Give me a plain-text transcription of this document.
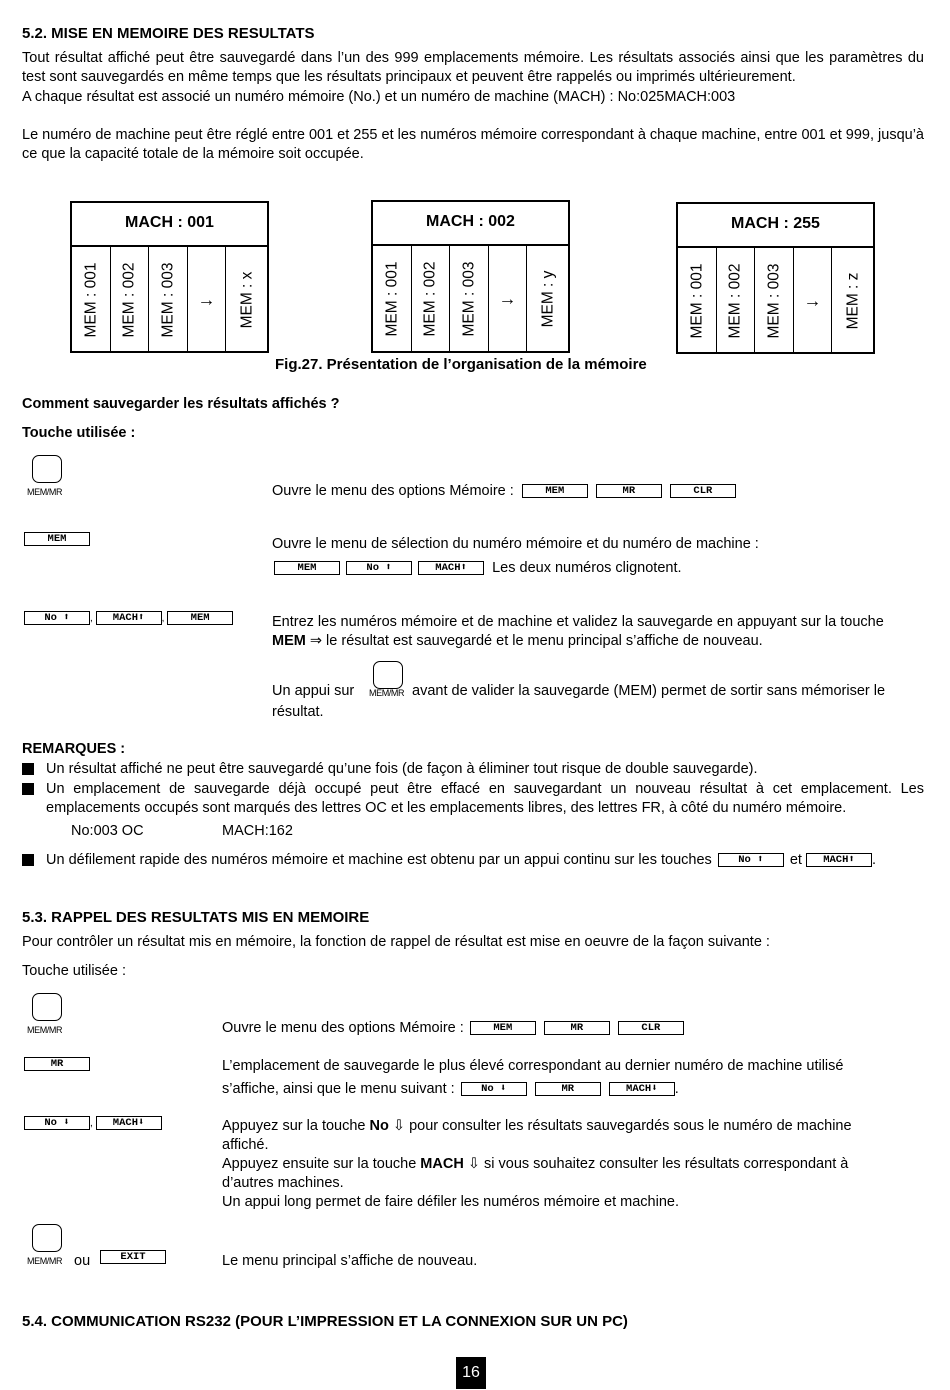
5.2. MISE EN MEMOIRE DES RESULTATS
Tout résultat affiché peut être sauvegardé dans l’un des 999 emplacements mémoire. Les résultats associés ainsi que les paramètres du test sont sauvegardés en même temps que les résultats principaux et peuvent être rappelés ou imprimés ultérieurement.
A chaque résultat est associé un numéro mémoire (No.) et un numéro de machine (MACH) : No:025MACH:003
Le numéro de machine peut être réglé entre 001 et 255 et les numéros mémoire correspondant à chaque machine, entre 001 et 999, jusqu’à ce que la capacité totale de la mémoire soit occupée.
MACH : 001
MEM : 001 MEM : 002 MEM : 003 → MEM : x
MACH : 002
MEM : 001 MEM : 002 MEM : 003 → MEM : y
MACH : 255
MEM : 001 MEM : 002 MEM : 003 → MEM : z
Fig.27. Présentation de l’organisation de la mémoire
Comment sauvegarder les résultats affichés ?
Touche utilisée :
MEM/MR	Ouvre le menu des options Mémoire :	MEM	MR	CLR
MEM	Ouvre le menu de sélection du numéro mémoire et du numéro de machine :
MEM	No ⬆	MACH⬆ Les deux numéros clignotent.
No ⬆ , MACH⬆ , MEM	Entrez les numéros mémoire et de machine et validez la sauvegarde en appuyant sur la touche
MEM ⇒ le résultat est sauvegardé et le menu principal s’affiche de nouveau.
Un appui sur MEM/MR avant de valider la sauvegarde (MEM) permet de sortir sans mémoriser le
résultat.
REMARQUES :
Un résultat affiché ne peut être sauvegardé qu’une fois (de façon à éliminer tout risque de double sauvegarde).
Un emplacement de sauvegarde déjà occupé peut être effacé en sauvegardant un nouveau résultat à cet emplacement. Les emplacements occupés sont marqués des lettres OC et les emplacements libres, des lettres FR, à côté du numéro mémoire.
No:003 OC	MACH:162
Un défilement rapide des numéros mémoire et machine est obtenu par un appui continu sur les touches	No ⬆ et MACH⬆ .
5.3. RAPPEL DES RESULTATS MIS EN MEMOIRE
Pour contrôler un résultat mis en mémoire, la fonction de rappel de résultat est mise en oeuvre de la façon suivante :
Touche utilisée :
MEM/MR	Ouvre le menu des options Mémoire :	MEM	MR	CLR
MR	L’emplacement de sauvegarde le plus élevé correspondant au dernier numéro de machine utilisé
s’affiche, ainsi que le menu suivant :	No ⬇	MR	MACH⬇ .
No ⬇ , MACH⬇	Appuyez sur la touche No ⇩ pour consulter les résultats sauvegardés sous le numéro de machine
affiché.
Appuyez ensuite sur la touche MACH ⇩ si vous souhaitez consulter les résultats correspondant à
d’autres machines.
Un appui long permet de faire défiler les numéros mémoire et machine.
MEM/MR ou	EXIT	Le menu principal s’affiche de nouveau.
5.4. COMMUNICATION RS232 (POUR L’IMPRESSION ET LA CONNEXION SUR UN PC)
16
